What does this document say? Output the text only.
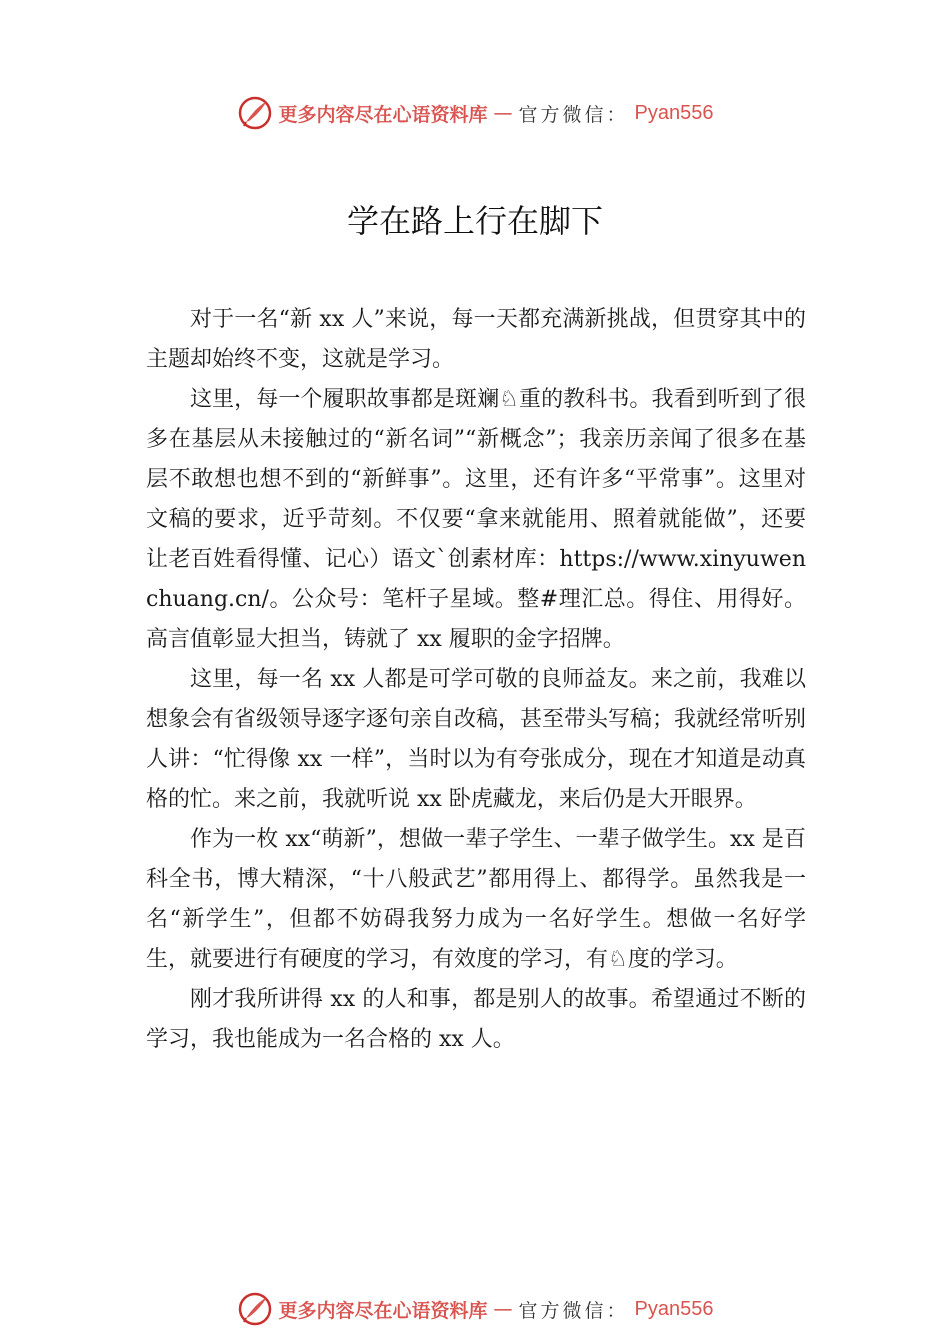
更多内容尽在心语资料库 — 官方微信： Pyan556
学在路上行在脚下

对于一名“新 xx 人”来说，每一天都充满新挑战，但贯穿其中的主题却始终不变，这就是学习。

这里，每一个履职故事都是斑斓♘重的教科书。我看到听到了很多在基层从未接触过的“新名词”“新概念”；我亲历亲闻了很多在基层不敢想也想不到的“新鲜事”。这里，还有许多“平常事”。这里对文稿的要求，近乎苛刻。不仅要“拿来就能用、照着就能做”，还要让老百姓看得懂、记心）语文`创素材库：https://www.xinyuwenchuang.cn/。公众号：笔杆子星域。整#理汇总。得住、用得好。高言值彰显大担当，铸就了 xx 履职的金字招牌。

这里，每一名 xx 人都是可学可敬的良师益友。来之前，我难以想象会有省级领导逐字逐句亲自改稿，甚至带头写稿；我就经常听别人讲：“忙得像 xx 一样”，当时以为有夸张成分，现在才知道是动真格的忙。来之前，我就听说 xx 卧虎藏龙，来后仍是大开眼界。

作为一枚 xx“萌新”，想做一辈子学生、一辈子做学生。xx 是百科全书，博大精深，“十八般武艺”都用得上、都得学。虽然我是一名“新学生”，但都不妨碍我努力成为一名好学生。想做一名好学生，就要进行有硬度的学习，有效度的学习，有♘度的学习。

刚才我所讲得 xx 的人和事，都是别人的故事。希望通过不断的学习，我也能成为一名合格的 xx 人。

更多内容尽在心语资料库 — 官方微信： Pyan556
